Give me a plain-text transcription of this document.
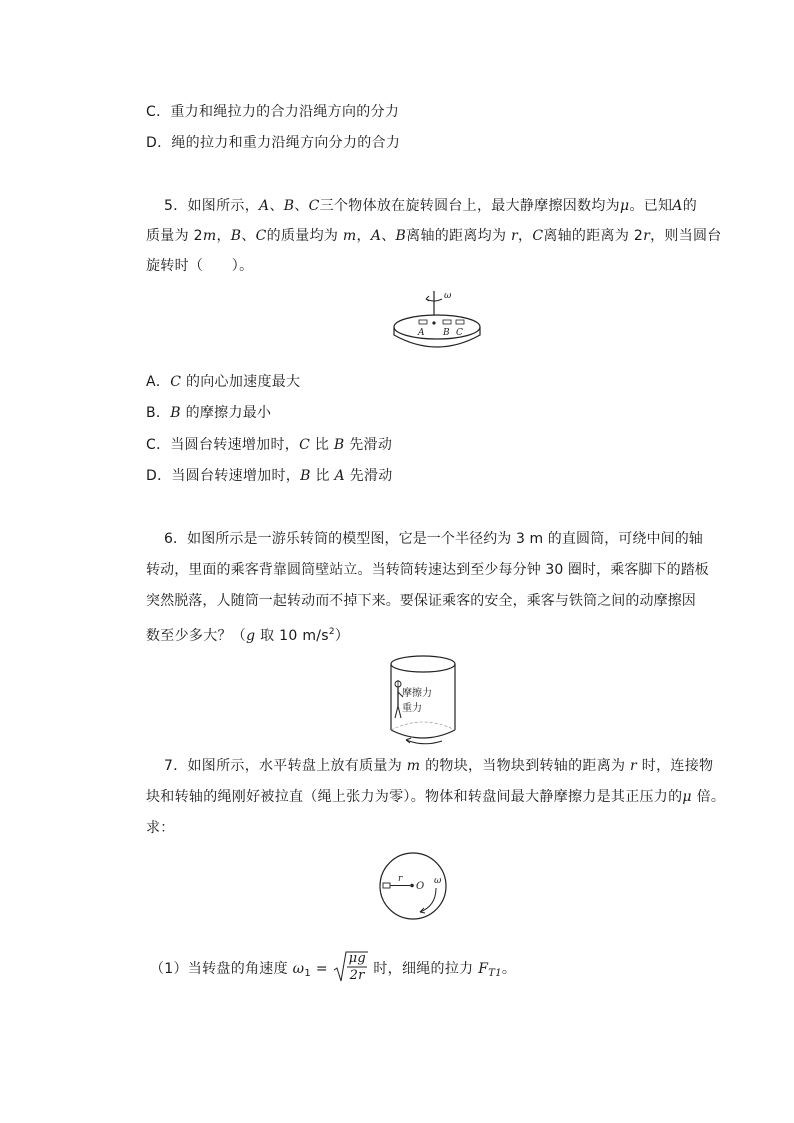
C．重力和绳拉力的合力沿绳方向的分力
D．绳的拉力和重力沿绳方向分力的合力
5．如图所示，A、B、C三个物体放在旋转圆台上，最大静摩擦因数均为μ。已知A的
质量为 2m，B、C的质量均为 m，A、B离轴的距离均为 r，C离轴的距离为 2r，则当圆台
旋转时（　　）。
ω
A B C
A．C 的向心加速度最大
B．B 的摩擦力最小
C．当圆台转速增加时，C 比 B 先滑动
D．当圆台转速增加时，B 比 A 先滑动
6．如图所示是一游乐转筒的模型图，它是一个半径约为 3 m 的直圆筒，可绕中间的轴
转动，里面的乘客背靠圆筒壁站立。当转筒转速达到至少每分钟 30 圈时，乘客脚下的踏板
突然脱落，人随筒一起转动而不掉下来。要保证乘客的安全，乘客与铁筒之间的动摩擦因
数至少多大？（g 取 10 $m/s^2$）
摩擦力
重力
7．如图所示，水平转盘上放有质量为 m 的物块，当物块到转轴的距离为 r 时，连接物
块和转轴的绳刚好被拉直（绳上张力为零）。物体和转盘间最大静摩擦力是其正压力的μ 倍。
求：
r
O ω
（1）当转盘的角速度 $\omega_1$ =
μg
2r 时，细绳的拉力 $F_{T1}$。
